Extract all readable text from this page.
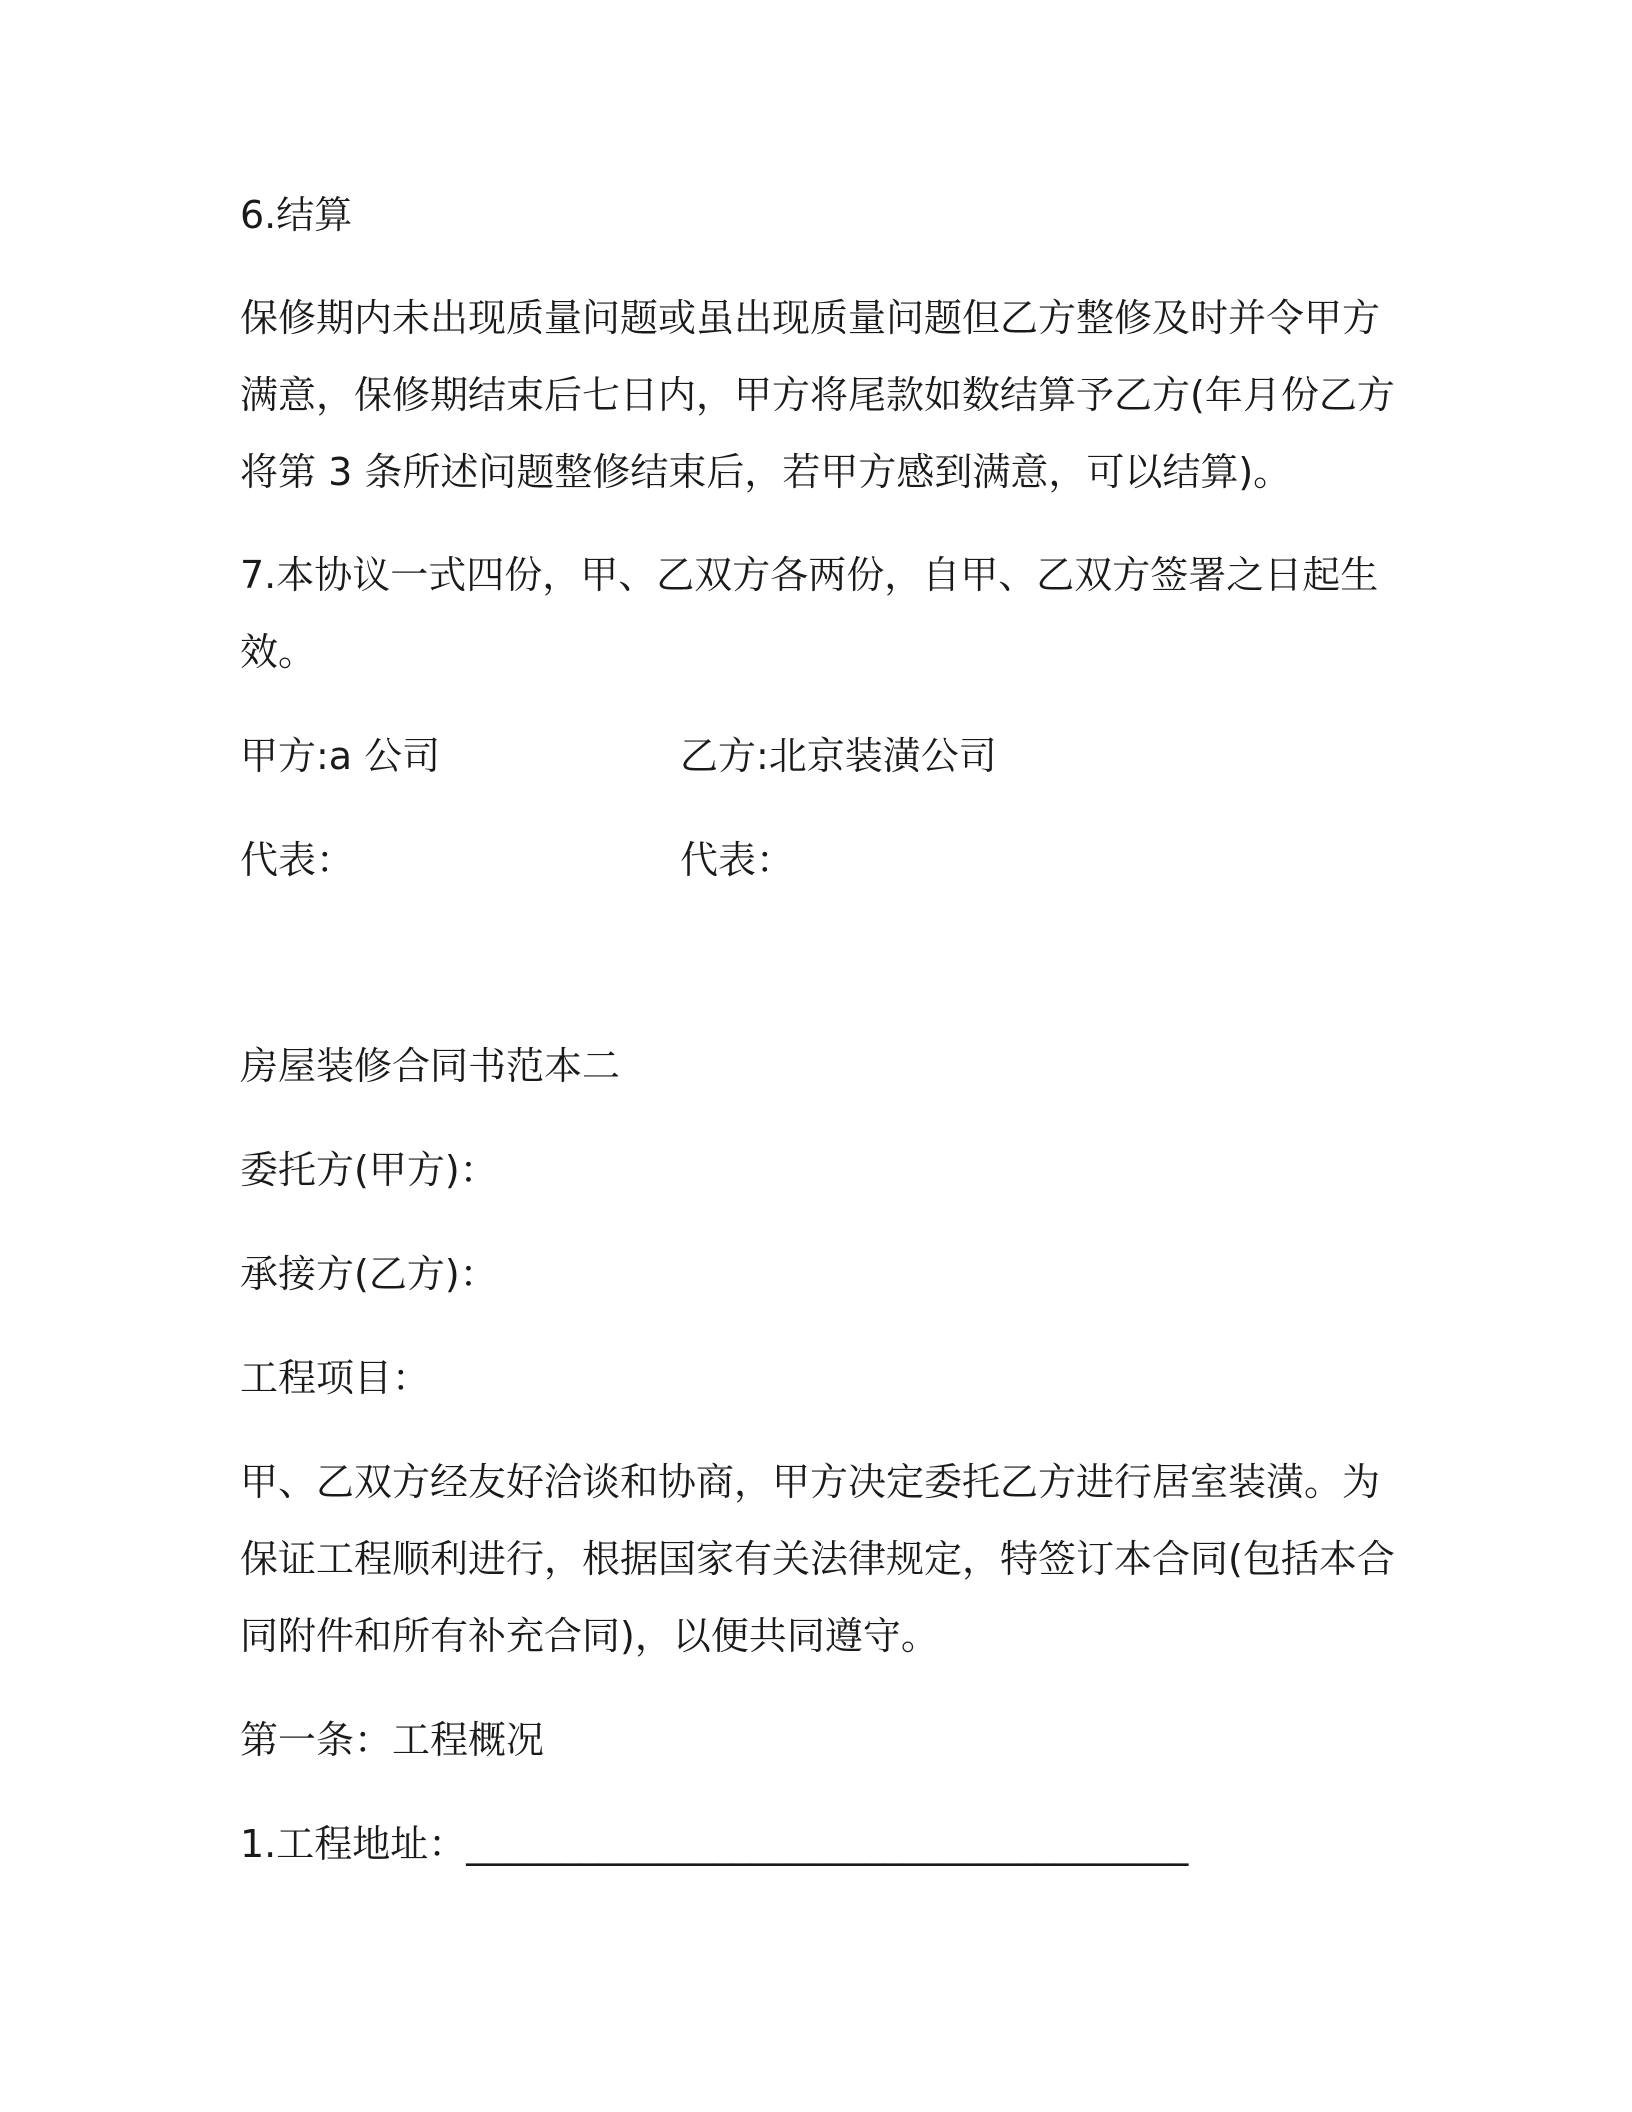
6.结算

保修期内未出现质量问题或虽出现质量问题但乙方整修及时并令甲方

满意，保修期结束后七日内，甲方将尾款如数结算予乙方(年月份乙方

将第 3 条所述问题整修结束后，若甲方感到满意，可以结算)。

7.本协议一式四份，甲、乙双方各两份，自甲、乙双方签署之日起生

效。

甲方:a 公司	乙方:北京装潢公司

代表：	代表：

房屋装修合同书范本二

委托方(甲方)：

承接方(乙方)：

工程项目：

甲、乙双方经友好洽谈和协商，甲方决定委托乙方进行居室装潢。为

保证工程顺利进行，根据国家有关法律规定，特签订本合同(包括本合

同附件和所有补充合同)，以便共同遵守。

第一条：工程概况

1.工程地址：______________________________________
